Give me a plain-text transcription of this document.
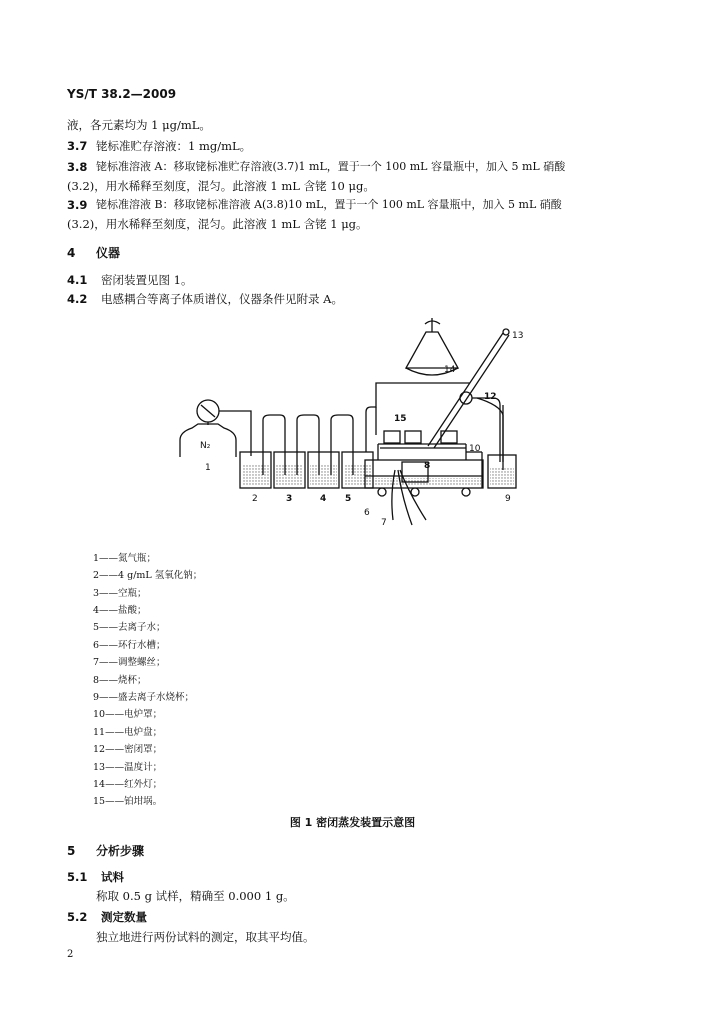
YS/T 38.2—2009
液，各元素均为 1 μg/mL。
3.7 铑标准贮存溶液：1 mg/mL。
3.8 铑标准溶液 A：移取铑标准贮存溶液(3.7)1 mL，置于一个 100 mL 容量瓶中，加入 5 mL 硝酸
(3.2)，用水稀释至刻度，混匀。此溶液 1 mL 含铑 10 μg。
3.9 铑标准溶液 B：移取铑标准溶液 A(3.8)10 mL，置于一个 100 mL 容量瓶中，加入 5 mL 硝酸
(3.2)，用水稀释至刻度，混匀。此溶液 1 mL 含铑 1 μg。
4 仪器
4.1 密闭装置见图 1。
4.2 电感耦合等离子体质谱仪，仪器条件见附录 A。
N₂
1
2	3	4 5
6
7
8
9
10
12
13
14
15
1——氮气瓶；
2——4 g/mL 氢氧化钠；
3——空瓶；
4——盐酸；
5——去离子水；
6——环行水槽；
7——调整螺丝；
8——烧杯；
9——盛去离子水烧杯；
10——电炉罩；
11——电炉盘；
12——密闭罩；
13——温度计；
14——红外灯；
15——铂坩埚。
图 1 密闭蒸发装置示意图
5 分析步骤
5.1 试料
称取 0.5 g 试样，精确至 0.000 1 g。
5.2 测定数量
独立地进行两份试料的测定，取其平均值。
2
